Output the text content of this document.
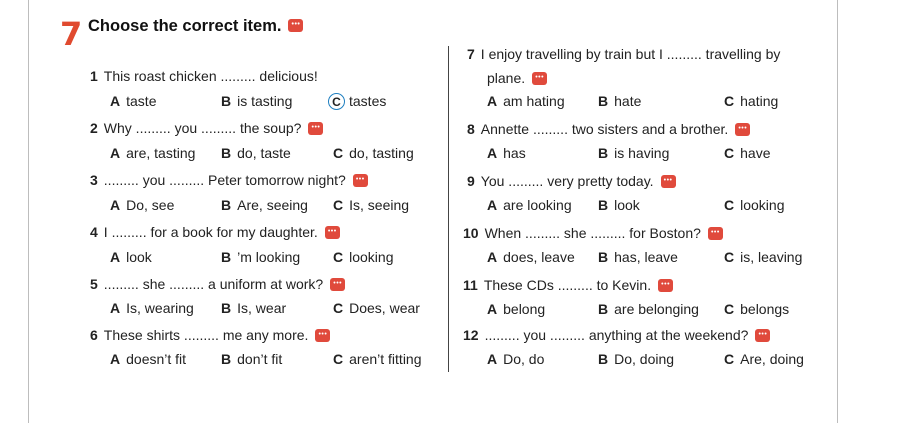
7 Choose the correct item.•••
1 This roast chicken ......... delicious!
A taste	B is tasting	C tastes
2 Why ......... you ......... the soup?•••
A are, tasting B do, taste	C do, tasting
3 ......... you ......... Peter tomorrow night?•••
A Do, see	B Are, seeing C Is, seeing
4 I ......... for a book for my daughter.•••
A look	B ’m looking C looking
5 ......... she ......... a uniform at work?•••
A Is, wearing B Is, wear	C Does, wear
6 These shirts ......... me any more.•••
A doesn’t fit B don’t fit	C aren’t fitting
7 I enjoy travelling by train but I ......... travelling by
plane.•••
A am hating B hate	C hating
8 Annette ......... two sisters and a brother.•••
A has	B is having	C have
9 You ......... very pretty today.•••
A are looking B look	C looking
10 When ......... she ......... for Boston?•••
A does, leave B has, leave	C is, leaving
11 These CDs ......... to Kevin.•••
A belong	B are belonging C belongs
12 ......... you ......... anything at the weekend?•••
A Do, do	B Do, doing	C Are, doing
